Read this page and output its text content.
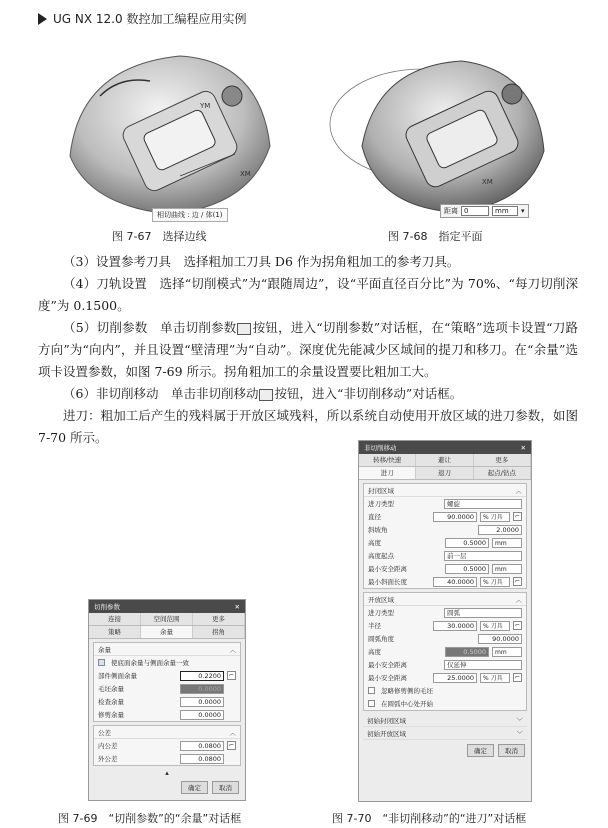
UG NX 12.0 数控加工编程应用实例
YM
XM
相切曲线 : 边 / 体(1)
图 7-67　选择边线
XM
距离 0	mm	▾
图 7-68　指定平面
（3）设置参考刀具　选择粗加工刀具 D6 作为拐角粗加工的参考刀具。
（4）刀轨设置　选择“切削模式”为“跟随周边”，设“平面直径百分比”为 70%、“每刀切削深度”为 0.1500。
（5）切削参数　单击切削参数 按钮，进入“切削参数”对话框，在“策略”选项卡设置“刀路方向”为“向内”，并且设置“壁清理”为“自动”。深度优先能减少区域间的提刀和移刀。在“余量”选项卡设置参数，如图 7-69 所示。拐角粗加工的余量设置要比粗加工大。
（6）非切削移动　单击非切削移动 按钮，进入“非切削移动”对话框。
进刀：粗加工后产生的残料属于开放区域残料，所以系统自动使用开放区域的进刀参数，如图 7-70 所示。
切削参数	✕
连接	空间范围	更多
策略	余量	拐角
余量	︿
使底面余量与侧面余量一致
部件侧面余量	0.2200	⌐
毛坯余量	0.0000
检查余量	0.0000
修剪余量	0.0000
公差	︿
内公差	0.0800	⌐
外公差	0.0800
▴
确定	取消
图 7-69　“切削参数”的“余量”对话框
非切削移动	✕
转移/快速	避让	更多
进刀	退刀	起点/钻点
封闭区域	︿
进刀类型	螺旋
直径	90.0000	% 刀具	⌐
斜坡角	2.0000
高度	0.5000	mm
高度起点	前一层
最小安全距离	0.5000	mm
最小斜面长度	40.0000	% 刀具	⌐
开放区域	︿
进刀类型	圆弧
半径	30.0000	% 刀具	⌐
圆弧角度	90.0000
高度	0.5000	mm
最小安全距离	仅延伸
最小安全距离	25.0000	% 刀具	⌐
忽略修剪侧的毛坯
在圆弧中心处开始
初始封闭区域	﹀
初始开放区域	﹀
确定	取消
图 7-70　“非切削移动”的“进刀”对话框
